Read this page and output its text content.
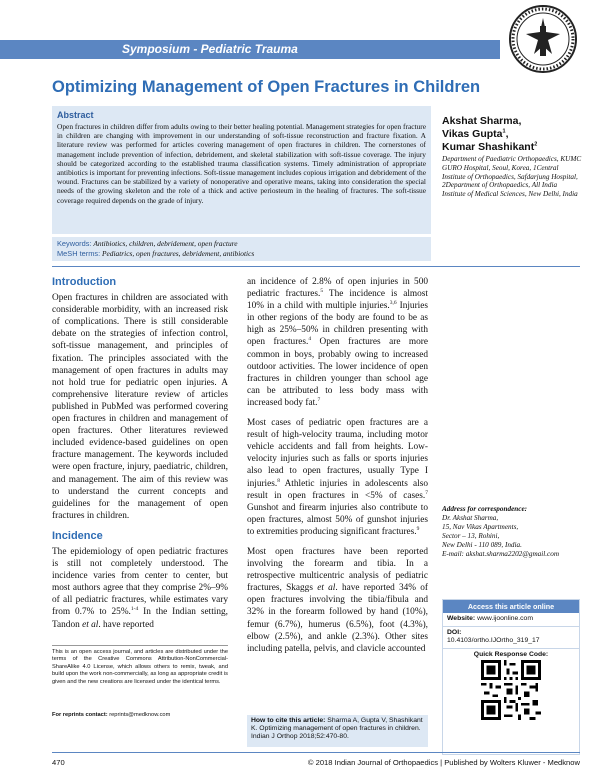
Symposium - Pediatric Trauma
Optimizing Management of Open Fractures in Children
Abstract

Open fractures in children differ from adults owing to their better healing potential. Management strategies for open fracture in children are changing with improvement in our understanding of soft-tissue reconstruction and fracture fixation. A literature review was performed for articles covering management of open fractures in children. The cornerstones of management include prevention of infection, debridement, and skeletal stabilization with soft-tissue coverage. The injury should be categorized according to the established trauma classification systems. Timely administration of appropriate antibiotics is important for preventing infections. Soft-tissue management includes copious irrigation and debridement of the wound. Fractures can be stabilized by a variety of nonoperative and operative means, taking into consideration the special needs of the growing skeleton and the role of a thick and active periosteum in the healing of fractures. The soft-tissue coverage required depends on the grade of injury.

Keywords: Antibiotics, children, debridement, open fracture
MeSH terms: Pediatrics, open fractures, debridement, antibiotics
Akshat Sharma,
Vikas Gupta$^1$,
Kumar Shashikant$^2$
Department of Paediatric Orthopaedics, KUMC GURO Hospital, Seoul, Korea, 1Central Institute of Orthopaedics, Safdarjung Hospital, 2Department of Orthopaedics, All India Institute of Medical Sciences, New Delhi, India
Introduction

Open fractures in children are associated with considerable morbidity, with an increased risk of complications. There is still considerable debate on the strategies of infection control, soft-tissue management, and principles of fixation. The principles associated with the management of open fractures in adults may not hold true for pediatric open injuries. A comprehensive literature review of articles published in PubMed was performed covering open fractures in children and management of open fractures. Other literatures reviewed included evidence-based guidelines on open fracture management. The keywords included were open fracture, injury, paediatric, children, and management. The aim of this review was to understand the current concepts and guidelines for the management of open fractures in children.

Incidence

The epidemiology of open pediatric fractures is still not completely understood. The incidence varies from center to center, but most authors agree that they comprise 2%–9% of all pediatric fractures, while estimates vary from 0.7% to 25%.$^{1-4}$ In the Indian setting, Tandon et al. have reported

an incidence of 2.8% of open injuries in 500 pediatric fractures.$^5$ The incidence is almost 10% in a child with multiple injuries.$^{3,6}$ Injuries in other regions of the body are found to be as high as 25%–50% in children presenting with open fractures.$^4$ Open fractures are more common in boys, probably owing to increased outdoor activities. The lower incidence of open fractures in children younger than school age can be attributed to less body mass with increased body fat.$^7$

Most cases of pediatric open fractures are a result of high-velocity trauma, including motor vehicle accidents and fall from heights. Low-velocity injuries such as falls or sports injuries also lead to open fractures, usually Type I injuries.$^8$ Athletic injuries in adolescents also result in open fractures in <5% of cases.$^7$ Gunshot and firearm injuries also contribute to open fractures, almost 50% of gunshot injuries to extremities producing significant fractures.$^9$

Most open fractures have been reported involving the forearm and tibia. In a retrospective multicentric analysis of pediatric fractures, Skaggs et al. have reported 34% of open fractures involving the tibia/fibula and 32% in the forearm followed by hand (10%), femur (6.7%), humerus (6.5%), foot (4.3%), elbow (2.5%), and ankle (2.3%). Other sites including patella, pelvis, and clavicle accounted

Address for correspondence:
Dr. Akshat Sharma,
15, Nav Vikas Apartments,
Sector – 13, Rohini,
New Delhi - 110 089, India.
E-mail: akshat.sharma2202@gmail.com
Access this article online
Website: www.ijoonline.com
DOI:
10.4103/ortho.IJOrtho_319_17
Quick Response Code:
This is an open access journal, and articles are distributed under the terms of the Creative Commons Attribution-NonCommercial-ShareAlike 4.0 License, which allows others to remix, tweak, and build upon the work non-commercially, as long as appropriate credit is given and the new creations are licensed under the identical terms.
For reprints contact: reprints@medknow.com
How to cite this article: Sharma A, Gupta V, Shashikant K. Optimizing management of open fractures in children. Indian J Orthop 2018;52:470-80.
470	© 2018 Indian Journal of Orthopaedics | Published by Wolters Kluwer - Medknow
